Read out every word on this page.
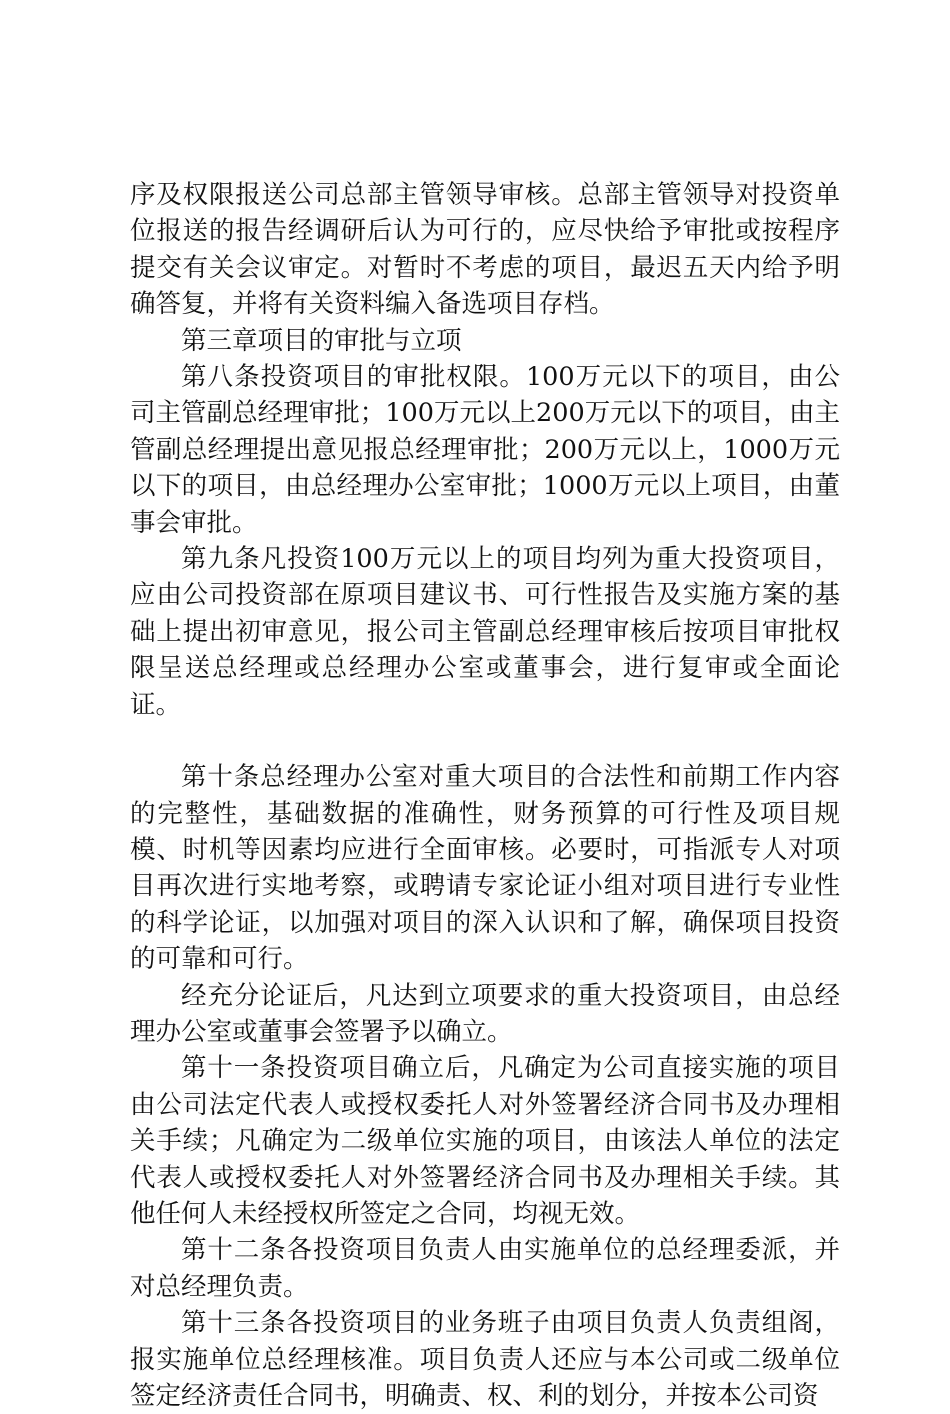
序及权限报送公司总部主管领导审核。总部主管领导对投资单位报送的报告经调研后认为可行的，应尽快给予审批或按程序提交有关会议审定。对暂时不考虑的项目，最迟五天内给予明确答复，并将有关资料编入备选项目存档。

第三章项目的审批与立项

第八条投资项目的审批权限。100万元以下的项目，由公司主管副总经理审批；100万元以上200万元以下的项目，由主管副总经理提出意见报总经理审批；200万元以上，1000万元以下的项目，由总经理办公室审批；1000万元以上项目，由董事会审批。

第九条凡投资100万元以上的项目均列为重大投资项目，应由公司投资部在原项目建议书、可行性报告及实施方案的基础上提出初审意见，报公司主管副总经理审核后按项目审批权限呈送总经理或总经理办公室或董事会，进行复审或全面论证。

第十条总经理办公室对重大项目的合法性和前期工作内容的完整性，基础数据的准确性，财务预算的可行性及项目规模、时机等因素均应进行全面审核。必要时，可指派专人对项目再次进行实地考察，或聘请专家论证小组对项目进行专业性的科学论证，以加强对项目的深入认识和了解，确保项目投资的可靠和可行。

经充分论证后，凡达到立项要求的重大投资项目，由总经理办公室或董事会签署予以确立。

第十一条投资项目确立后，凡确定为公司直接实施的项目由公司法定代表人或授权委托人对外签署经济合同书及办理相关手续；凡确定为二级单位实施的项目，由该法人单位的法定代表人或授权委托人对外签署经济合同书及办理相关手续。其他任何人未经授权所签定之合同，均视无效。

第十二条各投资项目负责人由实施单位的总经理委派，并对总经理负责。

第十三条各投资项目的业务班子由项目负责人负责组阁，报实施单位总经理核准。项目负责人还应与本公司或二级单位签定经济责任合同书，明确责、权、利的划分，并按本公司资
